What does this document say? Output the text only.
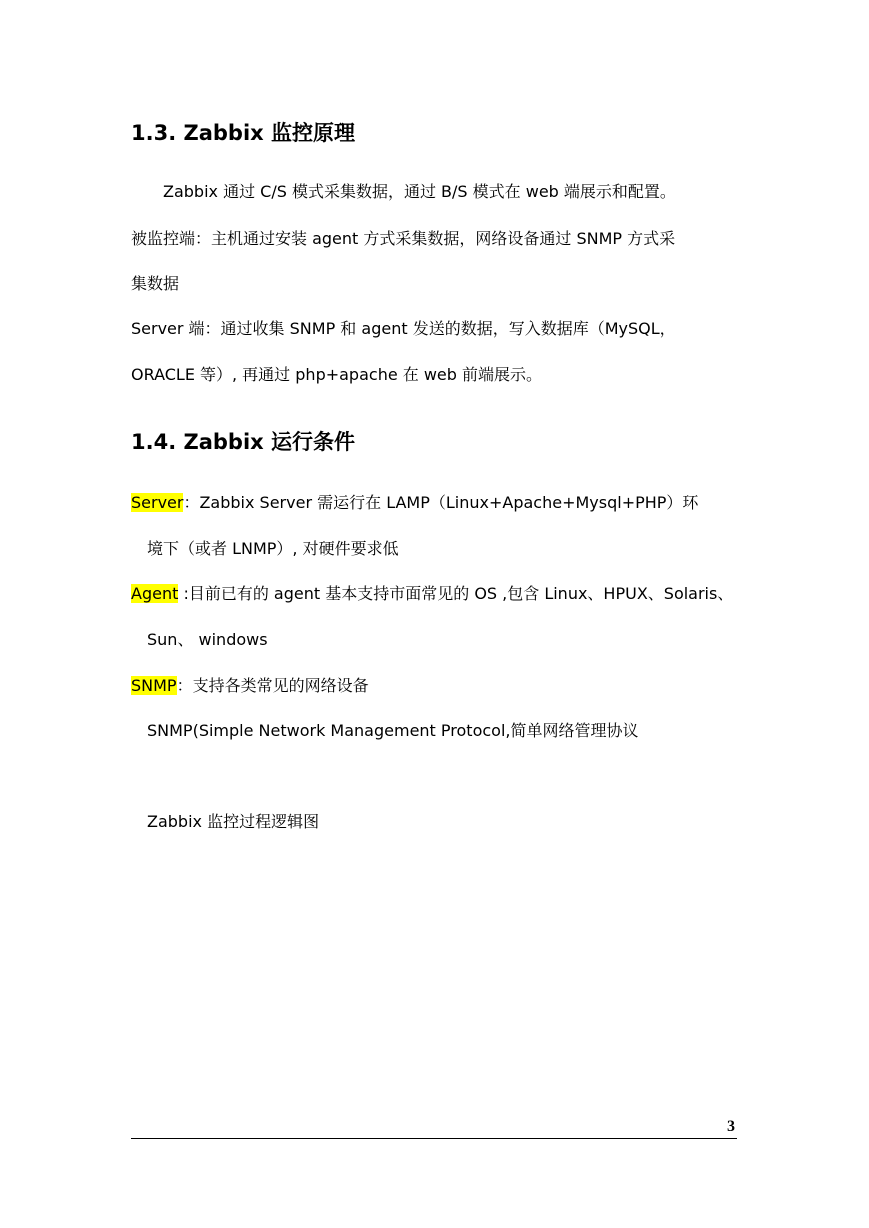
1.3. Zabbix 监控原理
Zabbix 通过 C/S 模式采集数据，通过 B/S 模式在 web 端展示和配置。
被监控端：主机通过安装 agent 方式采集数据，网络设备通过 SNMP 方式采
集数据
Server 端：通过收集 SNMP 和 agent 发送的数据，写入数据库（MySQL，
ORACLE 等）, 再通过 php+apache 在 web 前端展示。
1.4. Zabbix 运行条件
Server：Zabbix Server 需运行在 LAMP（Linux+Apache+Mysql+PHP）环
境下（或者 LNMP）, 对硬件要求低
Agent :目前已有的 agent 基本支持市面常见的 OS ,包含 Linux、HPUX、Solaris、
Sun、 windows
SNMP：支持各类常见的网络设备
SNMP(Simple Network Management Protocol,简单网络管理协议
Zabbix 监控过程逻辑图
3
